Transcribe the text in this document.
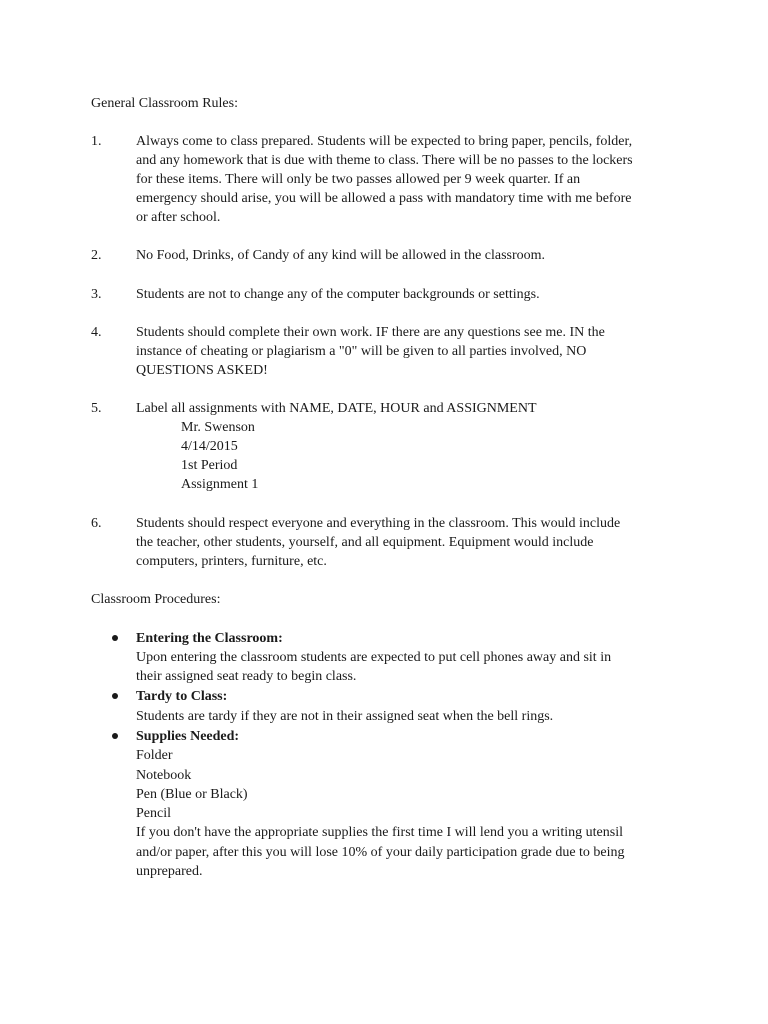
General Classroom Rules:
1. Always come to class prepared. Students will be expected to bring paper, pencils, folder,
and any homework that is due with theme to class. There will be no passes to the lockers
for these items. There will only be two passes allowed per 9 week quarter. If an
emergency should arise, you will be allowed a pass with mandatory time with me before
or after school.
2. No Food, Drinks, of Candy of any kind will be allowed in the classroom.
3. Students are not to change any of the computer backgrounds or settings.
4. Students should complete their own work. IF there are any questions see me. IN the
instance of cheating or plagiarism a "0" will be given to all parties involved, NO
QUESTIONS ASKED!
5. Label all assignments with NAME, DATE, HOUR and ASSIGNMENT
Mr. Swenson
4/14/2015
1st Period
Assignment 1
6. Students should respect everyone and everything in the classroom. This would include
the teacher, other students, yourself, and all equipment. Equipment would include
computers, printers, furniture, etc.
Classroom Procedures:
Entering the Classroom:
Upon entering the classroom students are expected to put cell phones away and sit in
their assigned seat ready to begin class.
Tardy to Class:
Students are tardy if they are not in their assigned seat when the bell rings.
Supplies Needed:
Folder
Notebook
Pen (Blue or Black)
Pencil
If you don't have the appropriate supplies the first time I will lend you a writing utensil
and/or paper, after this you will lose 10% of your daily participation grade due to being
unprepared.
